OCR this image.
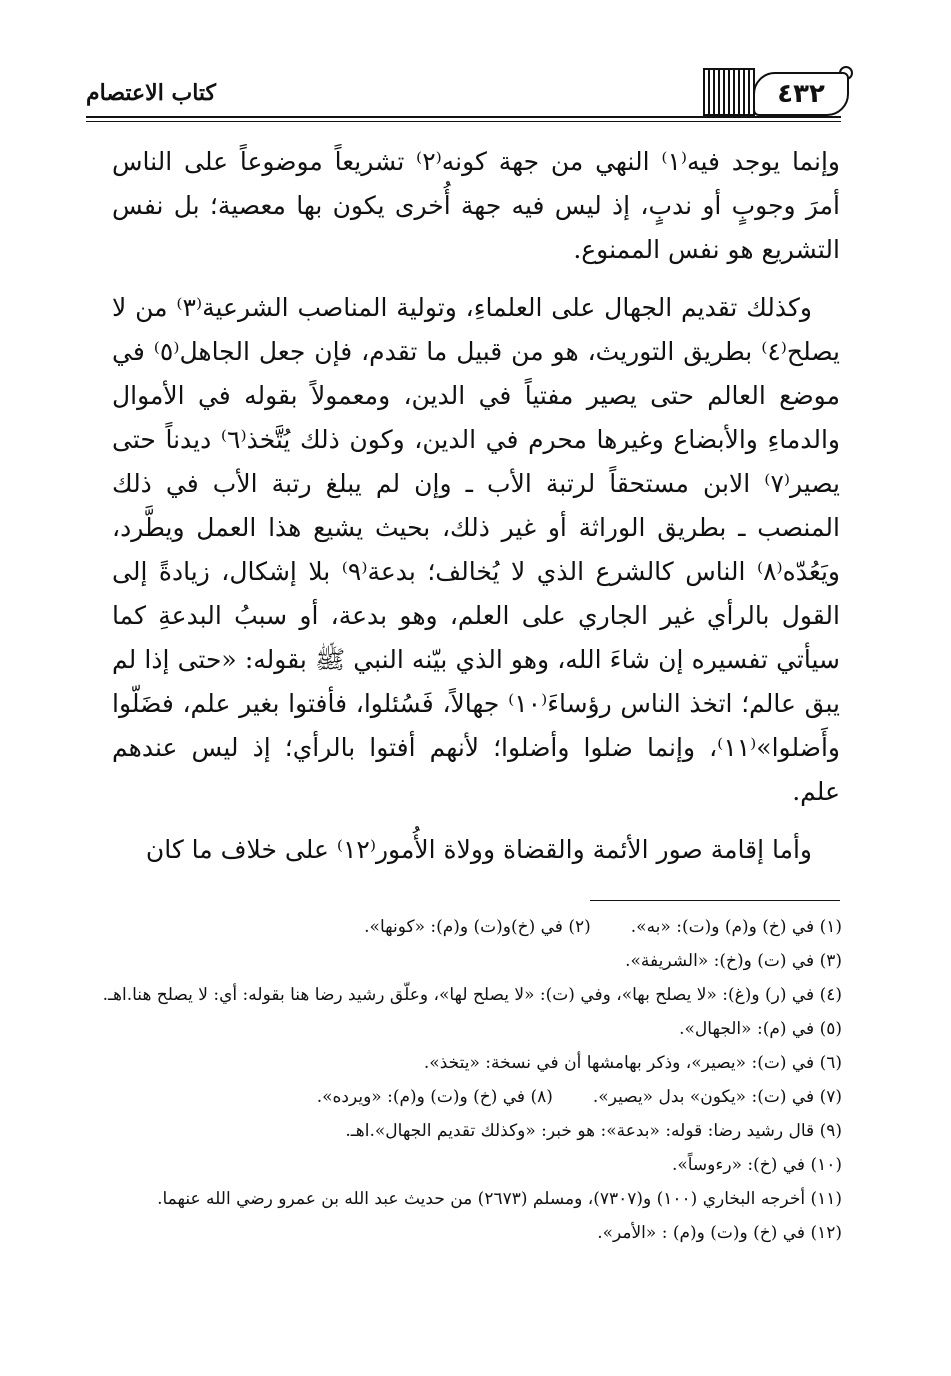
٤٣٢
كتاب الاعتصام

وإنما يوجد فيه⁽١⁾ النهي من جهة كونه⁽٢⁾ تشريعاً موضوعاً على الناس أمرَ وجوبٍ أو ندبٍ، إذ ليس فيه جهة أُخرى يكون بها معصية؛ بل نفس التشريع هو نفس الممنوع.

وكذلك تقديم الجهال على العلماءِ، وتولية المناصب الشرعية⁽٣⁾ من لا يصلح⁽٤⁾ بطريق التوريث، هو من قبيل ما تقدم، فإن جعل الجاهل⁽٥⁾ في موضع العالم حتى يصير مفتياً في الدين، ومعمولاً بقوله في الأموال والدماءِ والأبضاع وغيرها محرم في الدين، وكون ذلك يُتَّخذ⁽٦⁾ ديدناً حتى يصير⁽٧⁾ الابن مستحقاً لرتبة الأب ـ وإن لم يبلغ رتبة الأب في ذلك المنصب ـ بطريق الوراثة أو غير ذلك، بحيث يشيع هذا العمل ويطَّرد، ويَعُدّه⁽٨⁾ الناس كالشرع الذي لا يُخالف؛ بدعة⁽٩⁾ بلا إشكال، زيادةً إلى القول بالرأي غير الجاري على العلم، وهو بدعة، أو سببُ البدعةِ كما سيأتي تفسيره إن شاءَ الله، وهو الذي بيّنه النبي ﷺ بقوله: «حتى إذا لم يبق عالم؛ اتخذ الناس رؤساءَ⁽١٠⁾ جهالاً، فَسُئلوا، فأفتوا بغير علم، فضَلّوا وأَضلوا»⁽١١⁾، وإنما ضلوا وأضلوا؛ لأنهم أفتوا بالرأي؛ إذ ليس عندهم علم.

وأما إقامة صور الأئمة والقضاة وولاة الأُمور⁽١٢⁾ على خلاف ما كان

(١) في (خ) و(م) و(ت): «به».

(٢) في (خ)و(ت) و(م): «كونها».

(٣) في (ت) و(خ): «الشريفة».

(٤) في (ر) و(غ): «لا يصلح بها»، وفي (ت): «لا يصلح لها»، وعلّق رشيد رضا هنا بقوله: أي: لا يصلح هنا.اهـ.

(٥) في (م): «الجهال».

(٦) في (ت): «يصير»، وذكر بهامشها أن في نسخة: «يتخذ».

(٧) في (ت): «يكون» بدل «يصير».

(٨) في (خ) و(ت) و(م): «ويرده».

(٩) قال رشيد رضا: قوله: «بدعة»: هو خبر: «وكذلك تقديم الجهال».اهـ.

(١٠) في (خ): «رءوساً».

(١١) أخرجه البخاري (١٠٠) و(٧٣٠٧)، ومسلم (٢٦٧٣) من حديث عبد الله بن عمرو رضي الله عنهما.

(١٢) في (خ) و(ت) و(م) : «الأمر».
